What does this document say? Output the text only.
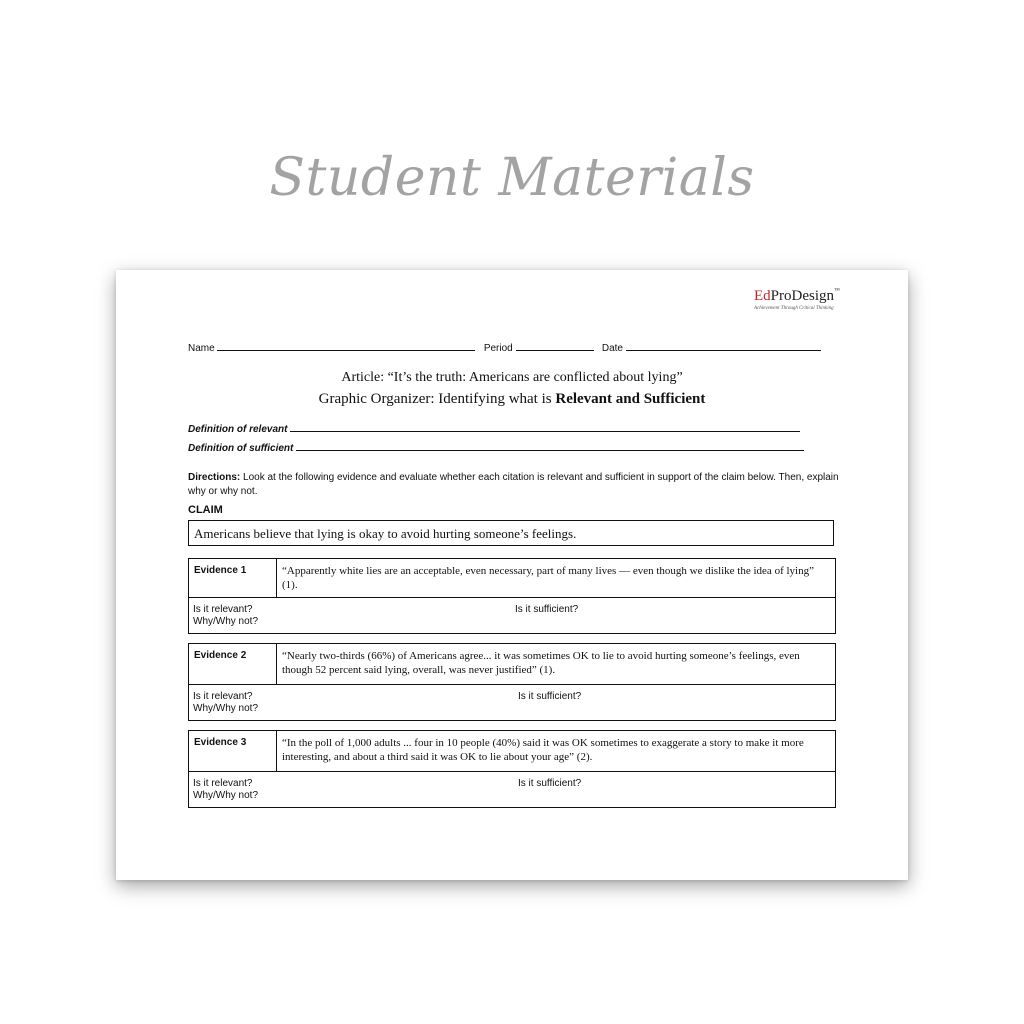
Student Materials
EdProDesign™
Achievement Through Critical Thinking
Name	Period	Date
Article: “It’s the truth: Americans are conflicted about lying”
Graphic Organizer: Identifying what is Relevant and Sufficient
Definition of relevant
Definition of sufficient
Directions: Look at the following evidence and evaluate whether each citation is relevant and sufficient in support of the claim below. Then, explain why or why not.
CLAIM
Americans believe that lying is okay to avoid hurting someone’s feelings.
Evidence 1	“Apparently white lies are an acceptable, even necessary, part of many lives — even though we dislike the idea of lying” (1).
Is it relevant?
Why/Why not?
Is it sufficient?
Evidence 2	“Nearly two-thirds (66%) of Americans agree... it was sometimes OK to lie to avoid hurting someone’s feelings, even though 52 percent said lying, overall, was never justified” (1).
Is it relevant?
Why/Why not?
Is it sufficient?
Evidence 3	“In the poll of 1,000 adults ... four in 10 people (40%) said it was OK sometimes to exaggerate a story to make it more interesting, and about a third said it was OK to lie about your age” (2).
Is it relevant?
Why/Why not?
Is it sufficient?
